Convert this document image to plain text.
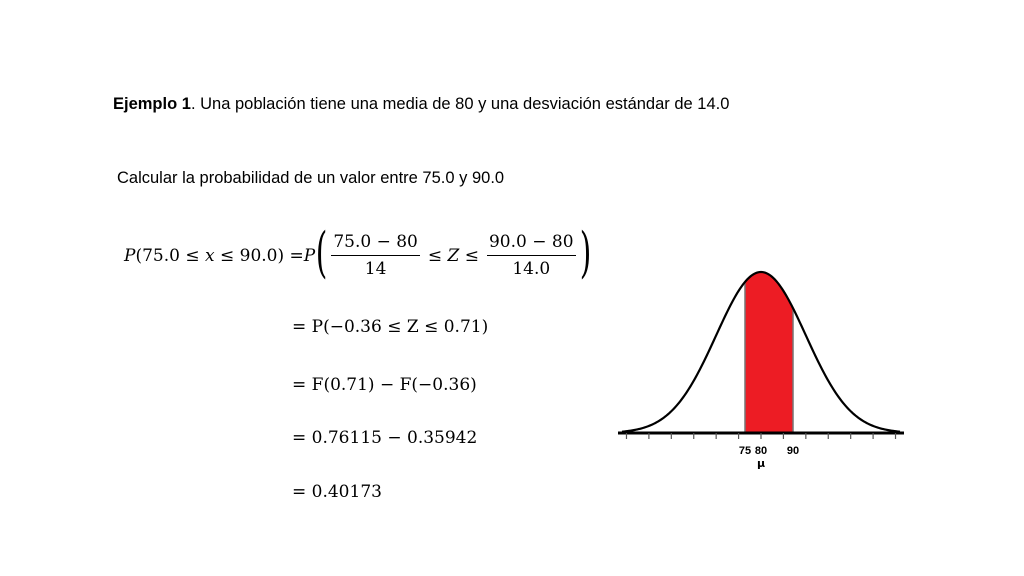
Ejemplo 1. Una población tiene una media de 80 y una desviación estándar de 14.0
Calcular la probabilidad de un valor entre 75.0 y 90.0
P(75.0 ≤ x ≤ 90.0) = P ( $\frac{75.0 - 80}{14} \le Z \le \frac{90.0 - 80}{14.0}$ )
= P(−0.36 ≤ Z ≤ 0.71)
= F(0.71) − F(−0.36)
= 0.76115 − 0.35942
= 0.40173
75 80 90
μ
